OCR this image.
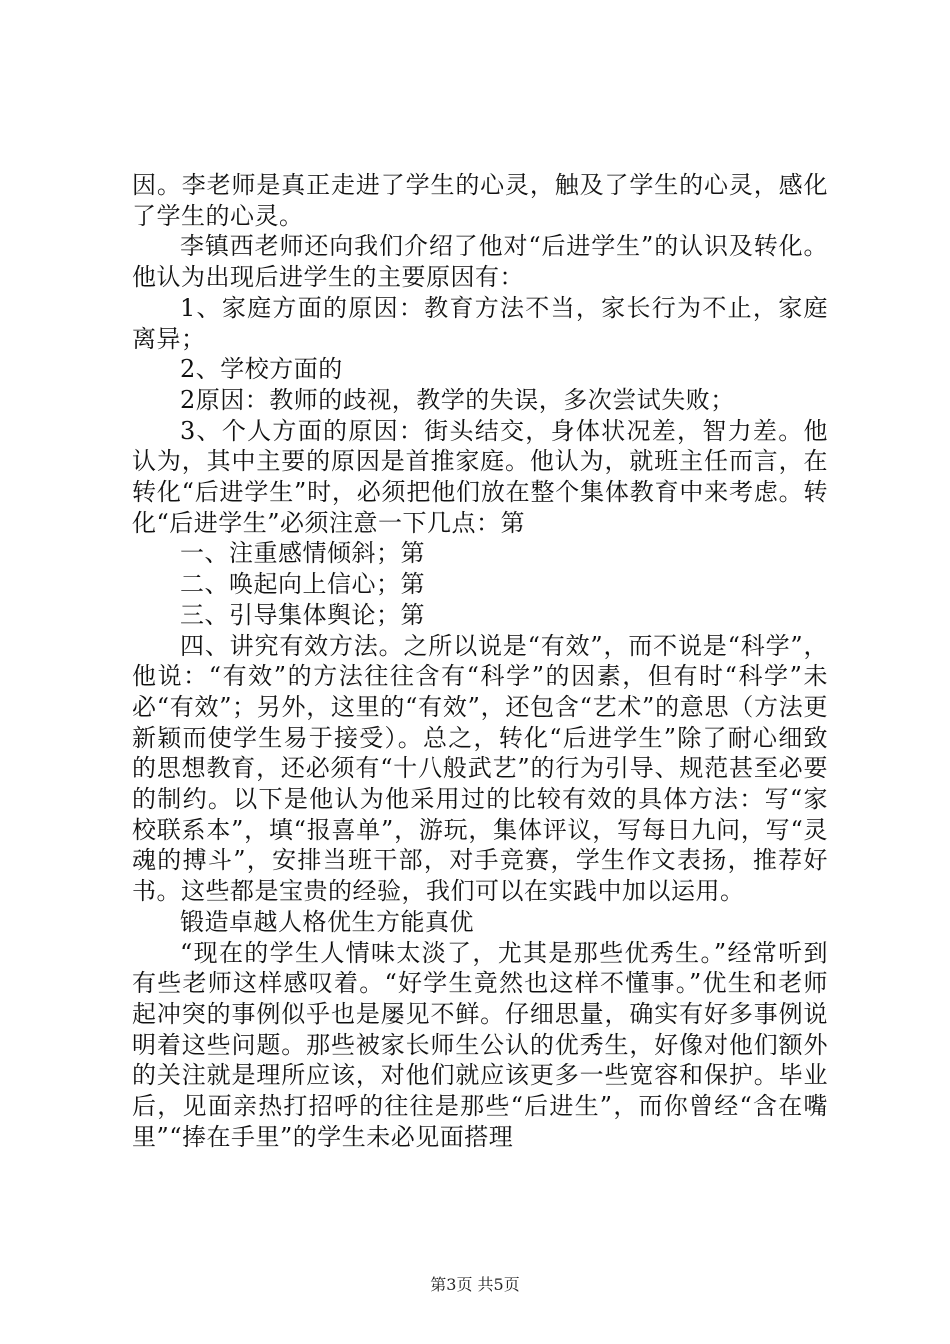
因。李老师是真正走进了学生的心灵，触及了学生的心灵，感化了学生的心灵。

李镇西老师还向我们介绍了他对“后进学生”的认识及转化。他认为出现后进学生的主要原因有：

1、家庭方面的原因：教育方法不当，家长行为不止，家庭离异；

2、学校方面的

2原因：教师的歧视，教学的失误，多次尝试失败；

3、个人方面的原因：街头结交，身体状况差，智力差。他认为，其中主要的原因是首推家庭。他认为，就班主任而言，在转化“后进学生”时，必须把他们放在整个集体教育中来考虑。转化“后进学生”必须注意一下几点：第

一、注重感情倾斜；第

二、唤起向上信心；第

三、引导集体舆论；第

四、讲究有效方法。之所以说是“有效”，而不说是“科学”，他说：“有效”的方法往往含有“科学”的因素，但有时“科学”未必“有效”；另外，这里的“有效”，还包含“艺术”的意思（方法更新颖而使学生易于接受）。总之，转化“后进学生”除了耐心细致的思想教育，还必须有“十八般武艺”的行为引导、规范甚至必要的制约。以下是他认为他采用过的比较有效的具体方法：写“家校联系本”，填“报喜单”，游玩，集体评议，写每日九问，写“灵魂的搏斗”，安排当班干部，对手竞赛，学生作文表扬，推荐好书。这些都是宝贵的经验，我们可以在实践中加以运用。

锻造卓越人格优生方能真优

“现在的学生人情味太淡了，尤其是那些优秀生。”经常听到有些老师这样感叹着。“好学生竟然也这样不懂事。”优生和老师起冲突的事例似乎也是屡见不鲜。仔细思量，确实有好多事例说明着这些问题。那些被家长师生公认的优秀生，好像对他们额外的关注就是理所应该，对他们就应该更多一些宽容和保护。毕业后，见面亲热打招呼的往往是那些“后进生”，而你曾经“含在嘴里”“捧在手里”的学生未必见面搭理

第3页 共5页
